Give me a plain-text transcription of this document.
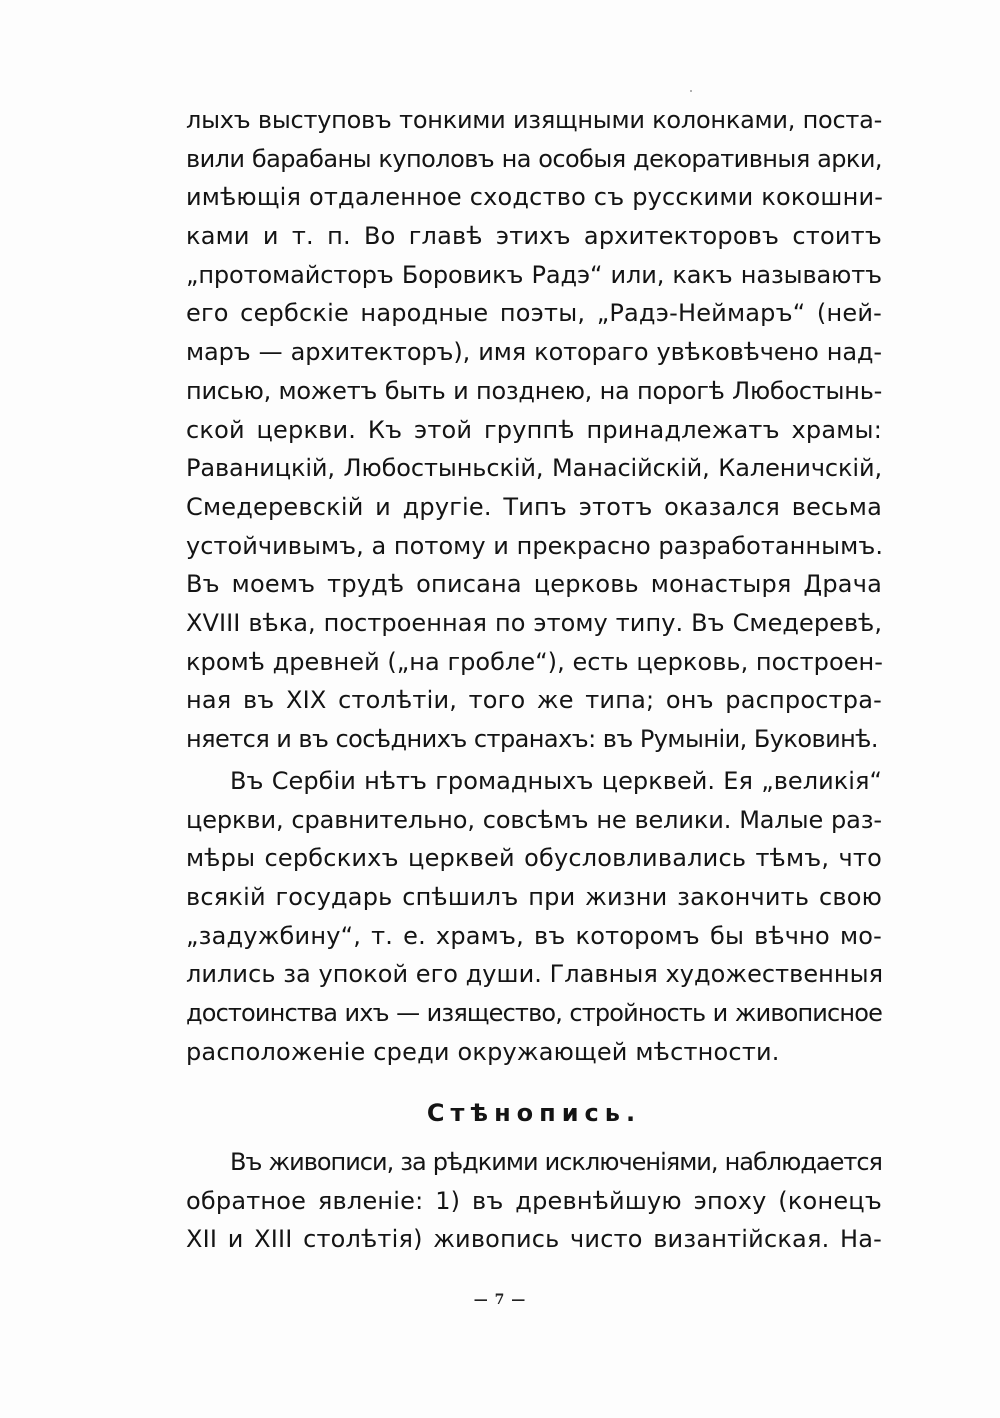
лыхъ выступовъ тонкими изящными колонками, поста-
вили барабаны куполовъ на особыя декоративныя арки,
имѣющія отдаленное сходство съ русскими кокошни-
ками и т. п. Во главѣ этихъ архитекторовъ стоитъ
„протомайсторъ Боровикъ Радэ“ или, какъ называютъ
его сербскіе народные поэты, „Радэ-Неймаръ“ (ней-
маръ — архитекторъ), имя котораго увѣковѣчено над-
писью, можетъ быть и позднею, на порогѣ Любостынь-
ской церкви. Къ этой группѣ принадлежатъ храмы:
Раваницкій, Любостыньскій, Манасійскій, Каленичскій,
Смедеревскій и другіе. Типъ этотъ оказался весьма
устойчивымъ, а потому и прекрасно разработаннымъ.
Въ моемъ трудѣ описана церковь монастыря Драча
XVIII вѣка, построенная по этому типу. Въ Смедеревѣ,
кромѣ древней („на гробле“), есть церковь, построен-
ная въ XIX столѣтіи, того же типа; онъ распростра-
няется и въ сосѣднихъ странахъ: въ Румыніи, Буковинѣ.
Въ Сербіи нѣтъ громадныхъ церквей. Ея „великія“
церкви, сравнительно, совсѣмъ не велики. Малые раз-
мѣры сербскихъ церквей обусловливались тѣмъ, что
всякій государь спѣшилъ при жизни закончить свою
„задужбину“, т. е. храмъ, въ которомъ бы вѣчно мо-
лились за упокой его души. Главныя художественныя
достоинства ихъ — изящество, стройность и живописное
расположеніе среди окружающей мѣстности.
Стѣнопись.
Въ живописи, за рѣдкими исключеніями, наблюдается
обратное явленіе: 1) въ древнѣйшую эпоху (конецъ
XII и XIII столѣтія) живопись чисто византійская. На-
— 7 —
